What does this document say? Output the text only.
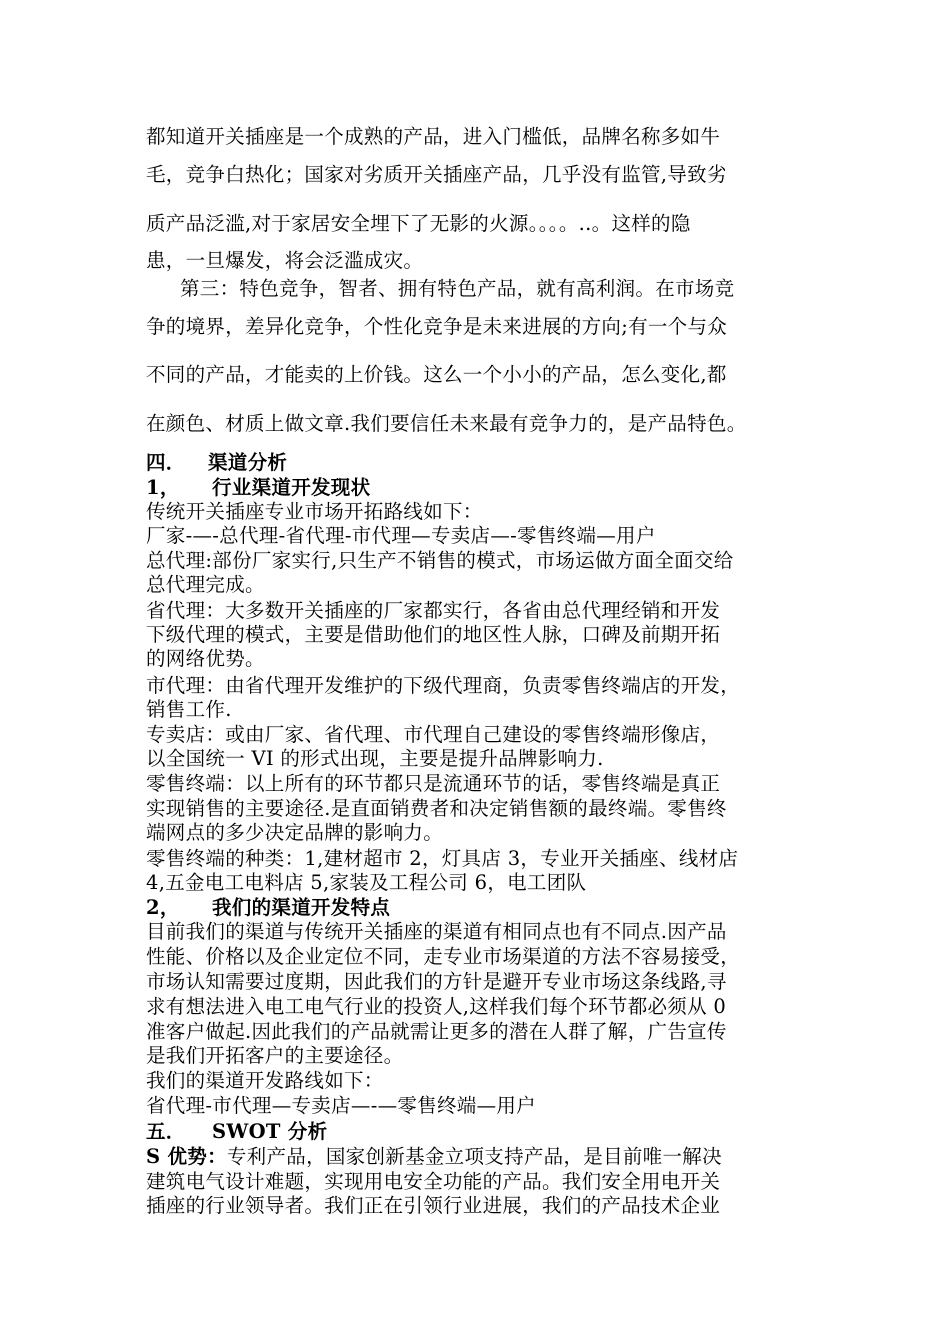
都知道开关插座是一个成熟的产品，进入门槛低，品牌名称多如牛
毛，竞争白热化；国家对劣质开关插座产品，几乎没有监管,导致劣
质产品泛滥,对于家居安全埋下了无影的火源。。。。..。这样的隐
患，一旦爆发，将会泛滥成灾。
第三：特色竞争，智者、拥有特色产品，就有高利润。在市场竞
争的境界，差异化竞争，个性化竞争是未来进展的方向;有一个与众
不同的产品，才能卖的上价钱。这么一个小小的产品，怎么变化,都
在颜色、材质上做文章.我们要信任未来最有竞争力的，是产品特色。
四． 渠道分析
1， 行业渠道开发现状
传统开关插座专业市场开拓路线如下：
厂家-—-总代理-省代理-市代理—专卖店—-零售终端—用户
总代理:部份厂家实行,只生产不销售的模式，市场运做方面全面交给
总代理完成。
省代理：大多数开关插座的厂家都实行，各省由总代理经销和开发
下级代理的模式，主要是借助他们的地区性人脉，口碑及前期开拓
的网络优势。
市代理：由省代理开发维护的下级代理商，负责零售终端店的开发，
销售工作.
专卖店：或由厂家、省代理、市代理自己建设的零售终端形像店，
以全国统一 VI 的形式出现，主要是提升品牌影响力.
零售终端：以上所有的环节都只是流通环节的话，零售终端是真正
实现销售的主要途径.是直面销费者和决定销售额的最终端。零售终
端网点的多少决定品牌的影响力。
零售终端的种类：1,建材超市 2，灯具店 3，专业开关插座、线材店
4,五金电工电料店 5,家装及工程公司 6，电工团队
2， 我们的渠道开发特点
目前我们的渠道与传统开关插座的渠道有相同点也有不同点.因产品
性能、价格以及企业定位不同，走专业市场渠道的方法不容易接受，
市场认知需要过度期，因此我们的方针是避开专业市场这条线路,寻
求有想法进入电工电气行业的投资人,这样我们每个环节都必须从 0
准客户做起.因此我们的产品就需让更多的潜在人群了解，广告宣传
是我们开拓客户的主要途径。
我们的渠道开发路线如下：
省代理-市代理—专卖店—-—零售终端—用户
五． SWOT 分析
S 优势：专利产品，国家创新基金立项支持产品，是目前唯一解决
建筑电气设计难题，实现用电安全功能的产品。我们安全用电开关
插座的行业领导者。我们正在引领行业进展，我们的产品技术企业
